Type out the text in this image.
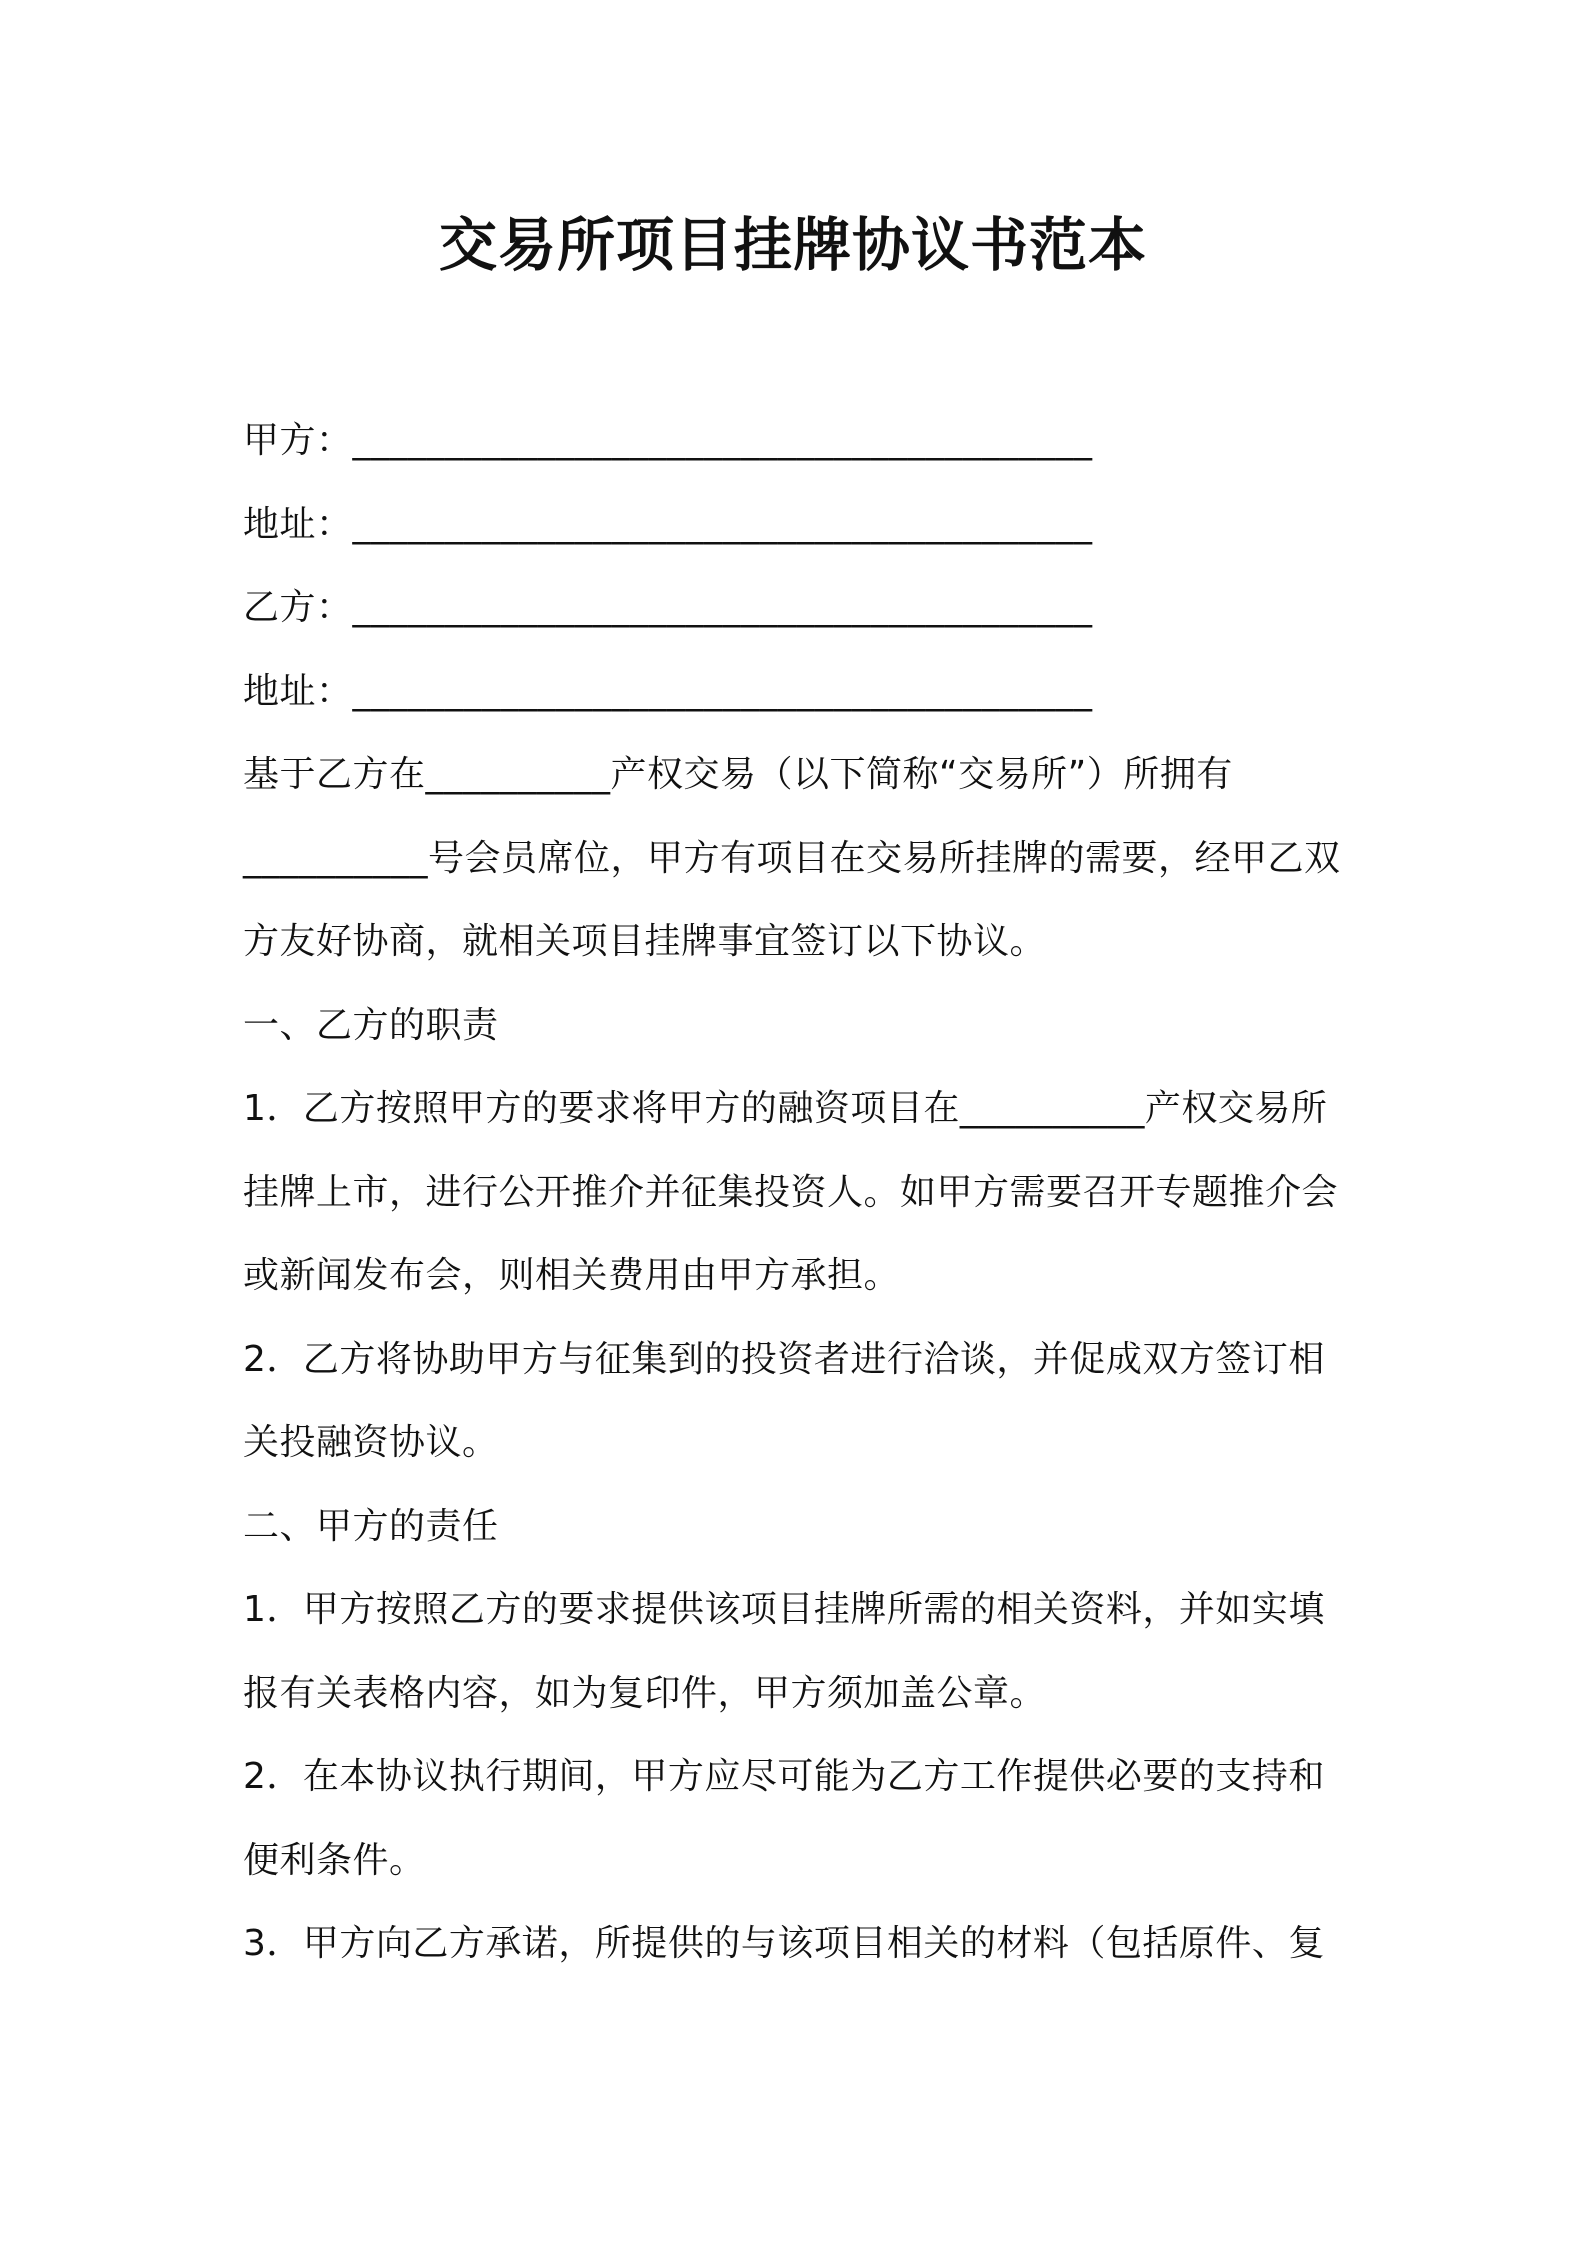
交易所项目挂牌协议书范本
甲方：________________________________________
地址：________________________________________
乙方：________________________________________
地址：________________________________________
基于乙方在__________产权交易（以下简称“交易所”）所拥有
__________号会员席位，甲方有项目在交易所挂牌的需要，经甲乙双
方友好协商，就相关项目挂牌事宜签订以下协议。
一、乙方的职责
1．乙方按照甲方的要求将甲方的融资项目在__________产权交易所
挂牌上市，进行公开推介并征集投资人。如甲方需要召开专题推介会
或新闻发布会，则相关费用由甲方承担。
2．乙方将协助甲方与征集到的投资者进行洽谈，并促成双方签订相
关投融资协议。
二、甲方的责任
1．甲方按照乙方的要求提供该项目挂牌所需的相关资料，并如实填
报有关表格内容，如为复印件，甲方须加盖公章。
2．在本协议执行期间，甲方应尽可能为乙方工作提供必要的支持和
便利条件。
3．甲方向乙方承诺，所提供的与该项目相关的材料（包括原件、复
